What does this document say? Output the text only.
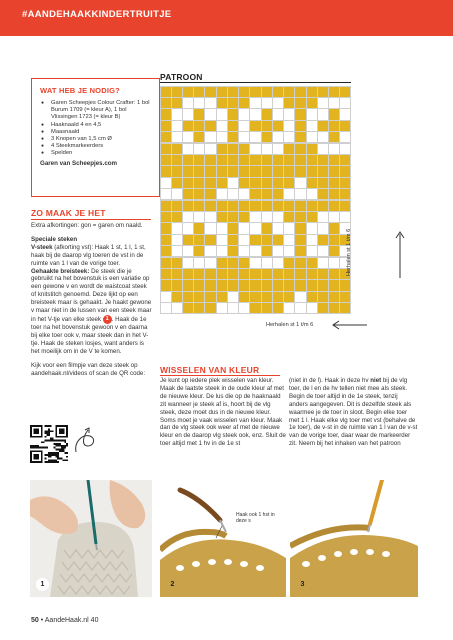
#AANDEHAAKKINDERTRUITJE
WAT HEB JE NODIG?
● Garen Scheepjes Colour Crafter: 1 bol Burum 1709 (= kleur A), 1 bol Vlissingen 1723 (= kleur B)
● Haaknaald 4 en 4,5
● Maasnaald
● 3 Knopen van 1,5 cm Ø
● 4 Steekmarkeerders
● Spelden
Garen van Scheepjes.com
ZO MAAK JE HET
Extra afkortingen: gon = garen om naald.
Speciale steken
V-steek (afkorting vst): Haak 1 st, 1 l, 1 st, haak bij de daarop vlg toeren de vst in de ruimte van 1 l van de vorige toer.
Gehaakte breisteek: De steek die je gebruikt na het bovenstuk is een variatie op een gewone v en wordt de waistcoat steek of knitstitch genoemd. Deze lijkt op een breisteek maar is gehaakt. Je haakt gewone v maar niet in de lussen van een steek maar in het V-tje van elke steek 1 . Haak de 1e toer na het bovenstuk gewoon v en daarna bij elke toer ook v, maar steek dan in het V-tje. Haak de steken losjes, want anders is het moeilijk om in de V te komen.
Kijk voor een filmpje van deze steek op aandehaak.nl/videos of scan de QR code:
PATROON
Herhalen st 1 t/m 6
Herhalen st 1 t/m 6
WISSELEN VAN KLEUR
Je kunt op iedere plek wisselen van kleur. Maak de laatste steek in de oude kleur af met de nieuwe kleur. De lus die op de haaknaald zit wanneer je steek af is, hoort bij de vlg steek, deze moet dus in de nieuwe kleur. Soms moet je vaak wisselen van kleur. Maak dan de vlg steek ook weer af met de nieuwe kleur en de daarop vlg steek ook, enz. Sluit de toer altijd met 1 hv in de 1e st
(niet in de l). Haak in deze hv niet bij de vlg toer, de l en de hv tellen niet mee als steek. Begin de toer altijd in de 1e steek, tenzij anders aangegeven. Dit is dezelfde steek als waarmee je de toer in sloot. Begin elke toer met 1 l. Haak elke vlg toer met vst (behalve de 1e toer), de v-st in de ruimte van 1 l van de v-st van de vorige toer, daar waar de markeerder zit. Neem bij het inhaken van het patroon
1
Haak ook 1 hst in deze s
2	3
50 • AandeHaak.nl 40
